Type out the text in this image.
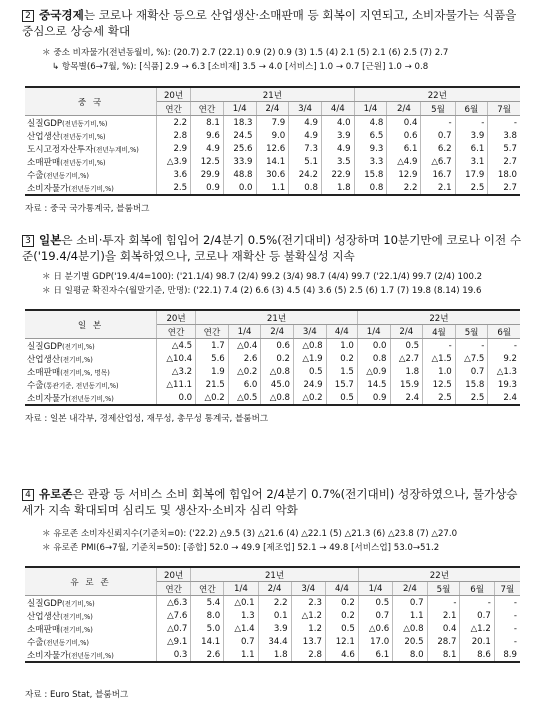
2 중국경제는 코로나 재확산 등으로 산업생산·소매판매 등 회복이 지연되고, 소비자물가는 식품을 중심으로 상승세 확대
＊ 중소 비자물가(전년동월비, %): (20.7) 2.7 (22.1) 0.9 (2) 0.9 (3) 1.5 (4) 2.1 (5) 2.1 (6) 2.5 (7) 2.7
↳ 항목별(6→7월, %): [식품] 2.9 → 6.3 [소비재] 3.5 → 4.0 [서비스] 1.0 → 0.7 [근원] 1.0 → 0.8
중 국	20년	21년					22년				
	연간	연간	1/4	2/4	3/4	4/4	1/4	2/4	5월	6월	7월
실질GDP(전년동기비,%)	2.2	8.1	18.3	7.9	4.9	4.0	4.8	0.4	-	-	-
산업생산(전년동기비,%)	2.8	9.6	24.5	9.0	4.9	3.9	6.5	0.6	0.7	3.9	3.8
도시고정자산투자(전년누계비,%)	2.9	4.9	25.6	12.6	7.3	4.9	9.3	6.1	6.2	6.1	5.7
소매판매(전년동기비,%)	△3.9	12.5	33.9	14.1	5.1	3.5	3.3	△4.9	△6.7	3.1	2.7
수출(전년동기비,%)	3.6	29.9	48.8	30.6	24.2	22.9	15.8	12.9	16.7	17.9	18.0
소비자물가(전년동기비,%)	2.5	0.9	0.0	1.1	0.8	1.8	0.8	2.2	2.1	2.5	2.7
자료 : 중국 국가통계국, 블룸버그
3 일본은 소비·투자 회복에 힘입어 2/4분기 0.5%(전기대비) 성장하며 10분기만에 코로나 이전 수준('19.4/4분기)을 회복하였으나, 코로나 재확산 등 불확실성 지속
＊ 日 분기별 GDP('19.4/4=100): ('21.1/4) 98.7 (2/4) 99.2 (3/4) 98.7 (4/4) 99.7 ('22.1/4) 99.7 (2/4) 100.2
＊ 日 일평균 확진자수(월말기준, 만명): ('22.1) 7.4 (2) 6.6 (3) 4.5 (4) 3.6 (5) 2.5 (6) 1.7 (7) 19.8 (8.14) 19.6
일 본	20년	21년					22년				
	연간	연간	1/4	2/4	3/4	4/4	1/4	2/4	4월	5월	6월
실질GDP(전기비,%)	△4.5	1.7	△0.4	0.6	△0.8	1.0	0.0	0.5	-	-	-
산업생산(전기비,%)	△10.4	5.6	2.6	0.2	△1.9	0.2	0.8	△2.7	△1.5	△7.5	9.2
소매판매(전기비,%, 명목)	△3.2	1.9	△0.2	△0.8	0.5	1.5	△0.9	1.8	1.0	0.7	△1.3
수출(통관기준, 전년동기비,%)	△11.1	21.5	6.0	45.0	24.9	15.7	14.5	15.9	12.5	15.8	19.3
소비자물가(전년동기비,%)	0.0	△0.2	△0.5	△0.8	△0.2	0.5	0.9	2.4	2.5	2.5	2.4
자료 : 일본 내각부, 경제산업성, 재무성, 총무성 통계국, 블룸버그
4 유로존은 관광 등 서비스 소비 회복에 힘입어 2/4분기 0.7%(전기대비) 성장하였으나, 물가상승세가 지속 확대되며 심리도 및 생산자·소비자 심리 악화
＊ 유로존 소비자신뢰지수(기준치=0): ('22.2) △9.5 (3) △21.6 (4) △22.1 (5) △21.3 (6) △23.8 (7) △27.0
＊ 유로존 PMI(6→7월, 기준치=50): [종합] 52.0 → 49.9 [제조업] 52.1 → 49.8 [서비스업] 53.0→51.2
유 로 존	20년	21년					22년				
	연간	연간	1/4	2/4	3/4	4/4	1/4	2/4	5월	6월	7월
실질GDP(전기비,%)	△6.3	5.4	△0.1	2.2	2.3	0.2	0.5	0.7	-	-	-
산업생산(전기비,%)	△7.6	8.0	1.3	0.1	△1.2	0.2	0.7	1.1	2.1	0.7	-
소매판매(전기비,%)	△0.7	5.0	△1.4	3.9	1.2	0.5	△0.6	△0.8	0.4	△1.2	-
수출(전년동기비,%)	△9.1	14.1	0.7	34.4	13.7	12.1	17.0	20.5	28.7	20.1	-
소비자물가(전년동기비,%)	0.3	2.6	1.1	1.8	2.8	4.6	6.1	8.0	8.1	8.6	8.9
자료 : Euro Stat, 블룸버그
